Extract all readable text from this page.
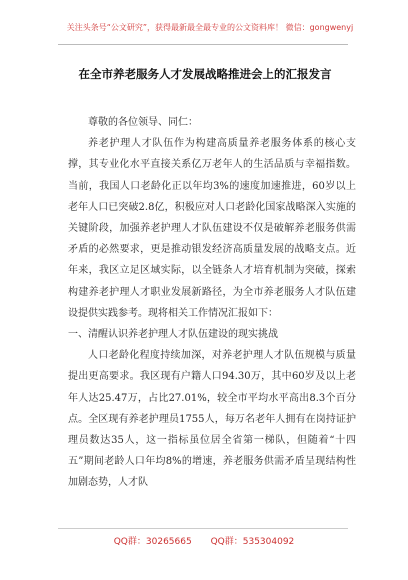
关注头条号“公文研究”，获得最新最全最专业的公文资料库！ 微信：gongwenyj
在全市养老服务人才发展战略推进会上的汇报发言

尊敬的各位领导、同仁：

养老护理人才队伍作为构建高质量养老服务体系的核心支撑，其专业化水平直接关系亿万老年人的生活品质与幸福指数。当前，我国人口老龄化正以年均3%的速度加速推进，60岁以上老年人口已突破2.8亿，积极应对人口老龄化国家战略深入实施的关键阶段，加强养老护理人才队伍建设不仅是破解养老服务供需矛盾的必然要求，更是推动银发经济高质量发展的战略支点。近年来，我区立足区域实际，以全链条人才培育机制为突破，探索构建养老护理人才职业发展新路径，为全市养老服务人才队伍建设提供实践参考。现将相关工作情况汇报如下：

一、清醒认识养老护理人才队伍建设的现实挑战

人口老龄化程度持续加深，对养老护理人才队伍规模与质量提出更高要求。我区现有户籍人口94.30万，其中60岁及以上老年人达25.47万，占比27.01%，较全市平均水平高出8.3个百分点。全区现有养老护理员1755人，每万名老年人拥有在岗持证护理员数达35人，这一指标虽位居全省第一梯队，但随着“十四五”期间老龄人口年均8%的增速，养老服务供需矛盾呈现结构性加剧态势，人才队

QQ群：30265665 QQ群：535304092
